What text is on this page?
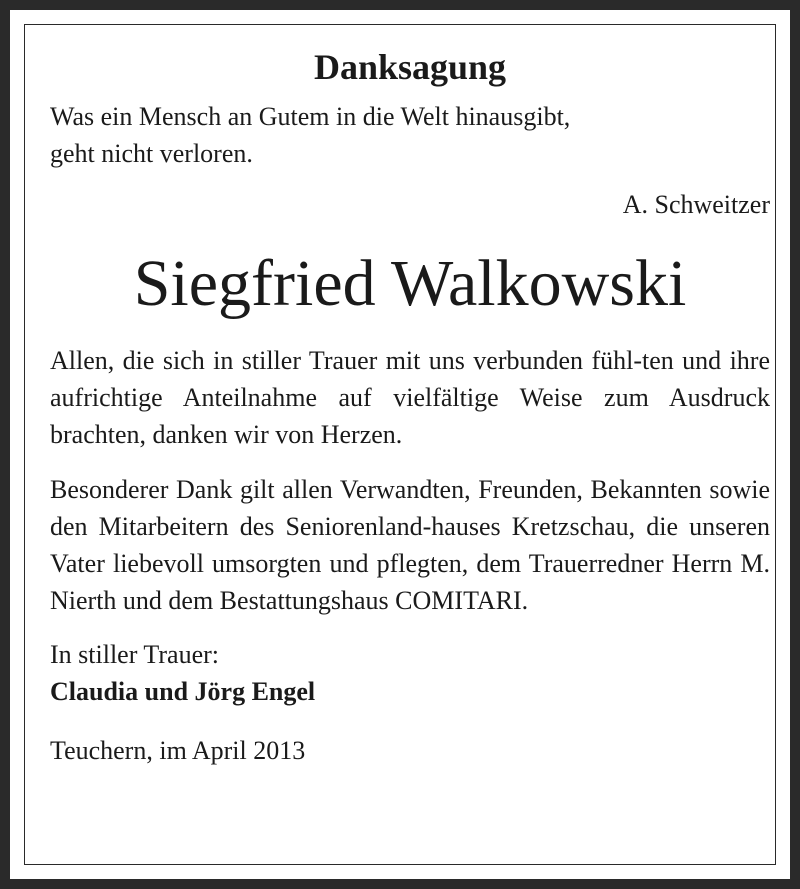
Danksagung

Was ein Mensch an Gutem in die Welt hinausgibt,

geht nicht verloren.

A. Schweitzer

Siegfried Walkowski

Allen, die sich in stiller Trauer mit uns verbunden fühl-ten und ihre aufrichtige Anteilnahme auf vielfältige Weise zum Ausdruck brachten, danken wir von Herzen.

Besonderer Dank gilt allen Verwandten, Freunden, Bekannten sowie den Mitarbeitern des Seniorenland-hauses Kretzschau, die unseren Vater liebevoll umsorgten und pflegten, dem Trauerredner Herrn M. Nierth und dem Bestattungshaus COMITARI.

In stiller Trauer:

Claudia und Jörg Engel

Teuchern, im April 2013
